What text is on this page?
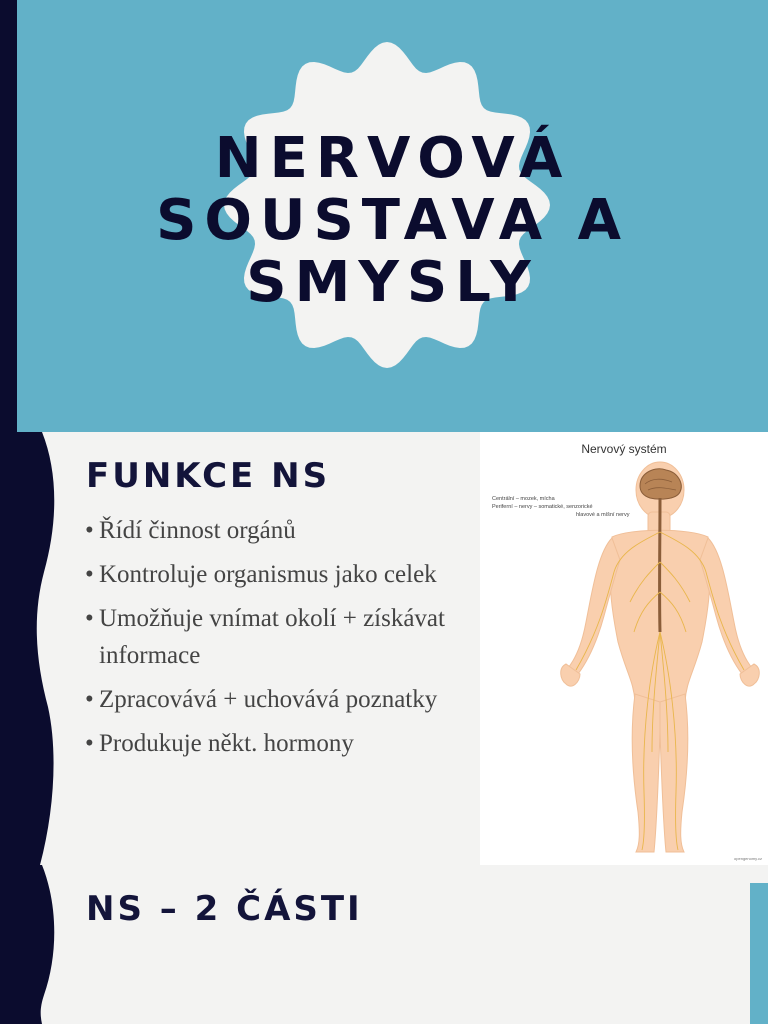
NERVOVÁ SOUSTAVA A SMYSLY
FUNKCE NS
• Řídí činnost orgánů
• Kontroluje organismus jako celek
• Umožňuje vnímat okolí + získávat informace
• Zpracovává + uchovává poznatky
• Produkuje někt. hormony
Nervový systém
Centrální – mozek, mícha
Periferní – nervy – somatické, senzorické
hlavové a míšní nervy
opengenomy.cz
NS – 2 ČÁSTI
